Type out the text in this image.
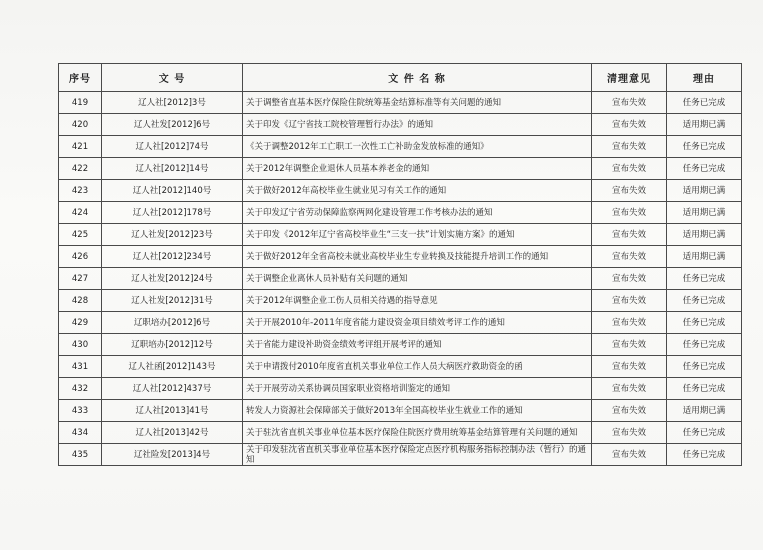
序号	文 号	文 件 名 称	清理意见	理由
419	辽人社[2012]3号	关于调整省直基本医疗保险住院统筹基金结算标准等有关问题的通知	宣布失效	任务已完成
420	辽人社发[2012]6号	关于印发《辽宁省技工院校管理暂行办法》的通知	宣布失效	适用期已满
421	辽人社[2012]74号	《关于调整2012年工亡职工一次性工亡补助金发放标准的通知》	宣布失效	任务已完成
422	辽人社[2012]14号	关于2012年调整企业退休人员基本养老金的通知	宣布失效	任务已完成
423	辽人社[2012]140号	关于做好2012年高校毕业生就业见习有关工作的通知	宣布失效	适用期已满
424	辽人社[2012]178号	关于印发辽宁省劳动保障监察两网化建设管理工作考核办法的通知	宣布失效	适用期已满
425	辽人社发[2012]23号	关于印发《2012年辽宁省高校毕业生“三支一扶”计划实施方案》的通知	宣布失效	适用期已满
426	辽人社[2012]234号	关于做好2012年全省高校未就业高校毕业生专业转换及技能提升培训工作的通知	宣布失效	适用期已满
427	辽人社发[2012]24号	关于调整企业离休人员补贴有关问题的通知	宣布失效	任务已完成
428	辽人社发[2012]31号	关于2012年调整企业工伤人员相关待遇的指导意见	宣布失效	任务已完成
429	辽职培办[2012]6号	关于开展2010年-2011年度省能力建设资金项目绩效考评工作的通知	宣布失效	任务已完成
430	辽职培办[2012]12号	关于省能力建设补助资金绩效考评组开展考评的通知	宣布失效	任务已完成
431	辽人社函[2012]143号	关于申请拨付2010年度省直机关事业单位工作人员大病医疗救助资金的函	宣布失效	任务已完成
432	辽人社[2012]437号	关于开展劳动关系协调员国家职业资格培训鉴定的通知	宣布失效	任务已完成
433	辽人社[2013]41号	转发人力资源社会保障部关于做好2013年全国高校毕业生就业工作的通知	宣布失效	适用期已满
434	辽人社[2013]42号	关于驻沈省直机关事业单位基本医疗保险住院医疗费用统筹基金结算管理有关问题的通知	宣布失效	任务已完成
435	辽社险发[2013]4号	关于印发驻沈省直机关事业单位基本医疗保险定点医疗机构服务指标控制办法（暂行）的通知	宣布失效	任务已完成
